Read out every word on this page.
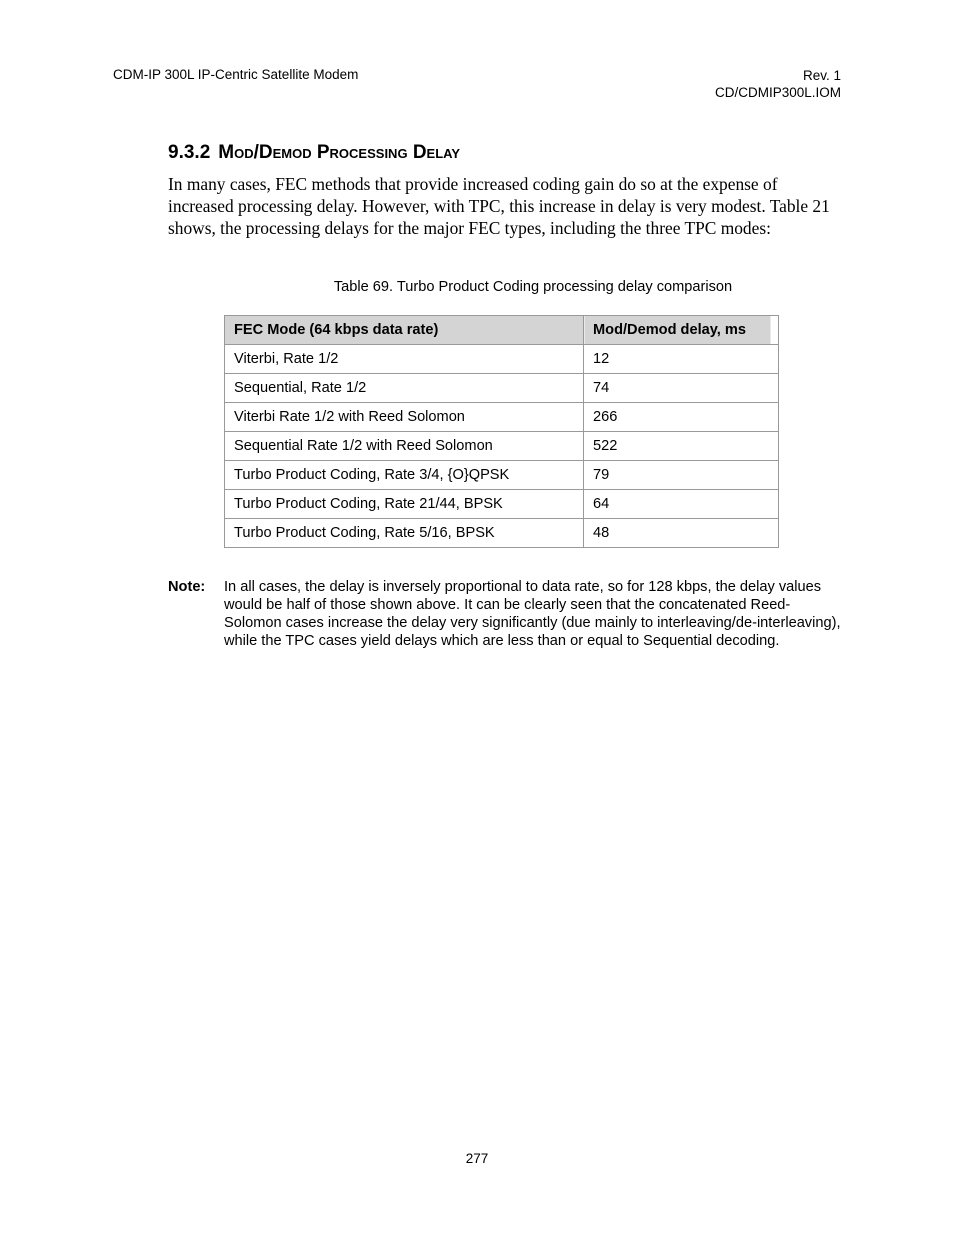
CDM-IP 300L IP-Centric Satellite Modem	Rev. 1
CD/CDMIP300L.IOM
9.3.2 Mod/Demod Processing Delay

In many cases, FEC methods that provide increased coding gain do so at the expense of increased processing delay. However, with TPC, this increase in delay is very modest. Table 21 shows, the processing delays for the major FEC types, including the three TPC modes:

Table 69. Turbo Product Coding processing delay comparison
FEC Mode (64 kbps data rate)	Mod/Demod delay, ms
Viterbi, Rate 1/2	12
Sequential, Rate 1/2	74
Viterbi Rate 1/2 with Reed Solomon	266
Sequential Rate 1/2 with Reed Solomon	522
Turbo Product Coding, Rate 3/4, {O}QPSK	79
Turbo Product Coding, Rate 21/44, BPSK	64
Turbo Product Coding, Rate 5/16, BPSK	48
Note: In all cases, the delay is inversely proportional to data rate, so for 128 kbps, the delay values would be half of those shown above. It can be clearly seen that the concatenated Reed-Solomon cases increase the delay very significantly (due mainly to interleaving/de-interleaving), while the TPC cases yield delays which are less than or equal to Sequential decoding.
277
